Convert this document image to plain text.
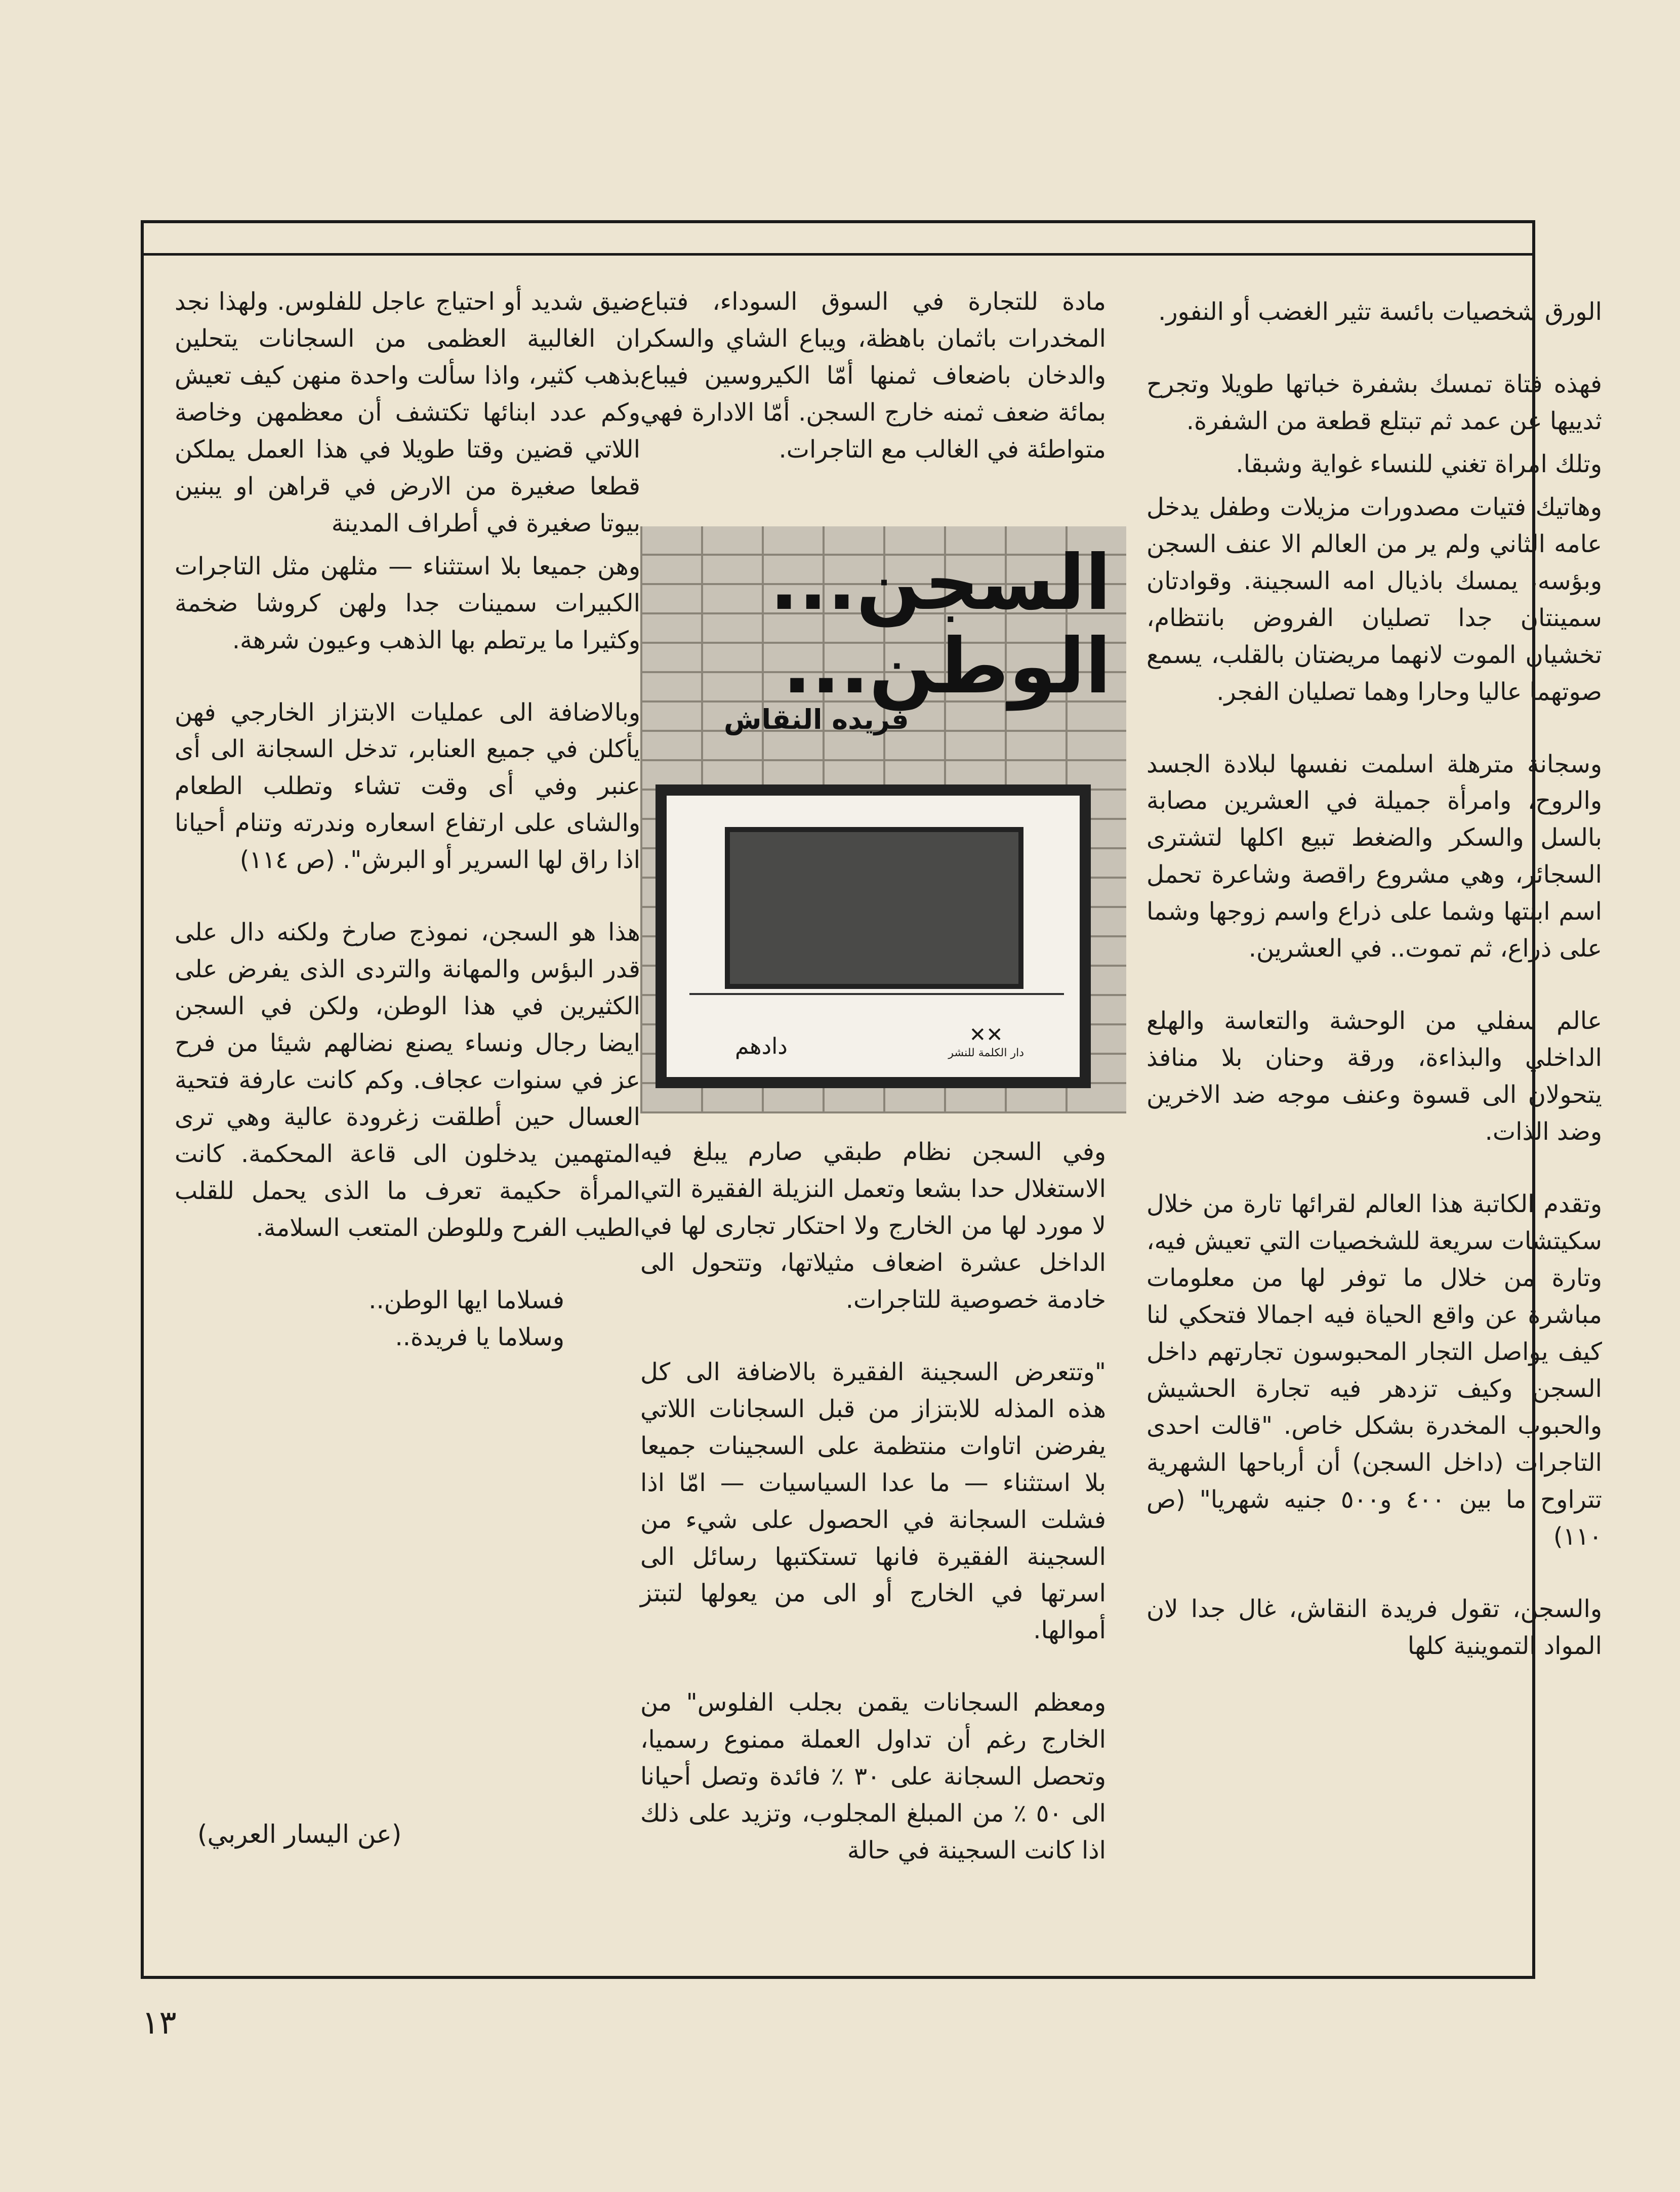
الورق شخصيات بائسة تثير الغضب أو النفور.

فهذه فتاة تمسك بشفرة خباتها طويلا وتجرح ثدييها عن عمد ثم تبتلع قطعة من الشفرة.

وتلك امراة تغني للنساء غواية وشبقا.

وهاتيك فتيات مصدورات مزيلات وطفل يدخل عامه الثاني ولم ير من العالم الا عنف السجن وبؤسه، يمسك باذيال امه السجينة. وقوادتان سمينتان جدا تصليان الفروض بانتظام، تخشيان الموت لانهما مريضتان بالقلب، يسمع صوتهما عاليا وحارا وهما تصليان الفجر.

وسجانة مترهلة اسلمت نفسها لبلادة الجسد والروح، وامرأة جميلة في العشرين مصابة بالسل والسكر والضغط تبيع اكلها لتشترى السجائر، وهي مشروع راقصة وشاعرة تحمل اسم ابنتها وشما على ذراع واسم زوجها وشما على ذراع، ثم تموت.. في العشرين.

عالم سفلي من الوحشة والتعاسة والهلع الداخلي والبذاءة، ورقة وحنان بلا منافذ يتحولان الى قسوة وعنف موجه ضد الاخرين وضد الذات.

وتقدم الكاتبة هذا العالم لقرائها تارة من خلال سكيتشات سريعة للشخصيات التي تعيش فيه، وتارة من خلال ما توفر لها من معلومات مباشرة عن واقع الحياة فيه اجمالا فتحكي لنا كيف يواصل التجار المحبوسون تجارتهم داخل السجن وكيف تزدهر فيه تجارة الحشيش والحبوب المخدرة بشكل خاص. "قالت احدى التاجرات (داخل السجن) أن أرباحها الشهرية تتراوح ما بين ٤٠٠ و٥٠٠ جنيه شهريا" (ص ١١٠)

والسجن، تقول فريدة النقاش، غال جدا لان المواد التموينية كلها

مادة للتجارة في السوق السوداء، فتباع المخدرات باثمان باهظة، ويباع الشاي والسكر والدخان باضعاف ثمنها أمّا الكيروسين فيباع بمائة ضعف ثمنه خارج السجن. أمّا الادارة فهي متواطئة في الغالب مع التاجرات.

السجن...
الوطن...
فريده النقاش
دادهم	✕✕
دار الكلمة للنشر

وفي السجن نظام طبقي صارم يبلغ فيه الاستغلال حدا بشعا وتعمل النزيلة الفقيرة التي لا مورد لها من الخارج ولا احتكار تجارى لها في الداخل عشرة اضعاف مثيلاتها، وتتحول الى خادمة خصوصية للتاجرات.

"وتتعرض السجينة الفقيرة بالاضافة الى كل هذه المذله للابتزاز من قبل السجانات اللاتي يفرضن اتاوات منتظمة على السجينات جميعا بلا استثناء — ما عدا السياسيات — امّا اذا فشلت السجانة في الحصول على شيء من السجينة الفقيرة فانها تستكتبها رسائل الى اسرتها في الخارج أو الى من يعولها لتبتز أموالها.

ومعظم السجانات يقمن بجلب الفلوس" من الخارج رغم أن تداول العملة ممنوع رسميا، وتحصل السجانة على ٣٠ ٪ فائدة وتصل أحيانا الى ٥٠ ٪ من المبلغ المجلوب، وتزيد على ذلك اذا كانت السجينة في حالة

ضيق شديد أو احتياج عاجل للفلوس. ولهذا نجد ان الغالبية العظمى من السجانات يتحلين بذهب كثير، واذا سألت واحدة منهن كيف تعيش وكم عدد ابنائها تكتشف أن معظمهن وخاصة اللاتي قضين وقتا طويلا في هذا العمل يملكن قطعا صغيرة من الارض في قراهن او يبنين بيوتا صغيرة في أطراف المدينة

وهن جميعا بلا استثناء — مثلهن مثل التاجرات الكبيرات سمينات جدا ولهن كروشا ضخمة وكثيرا ما يرتطم بها الذهب وعيون شرهة.

وبالاضافة الى عمليات الابتزاز الخارجي فهن يأكلن في جميع العنابر، تدخل السجانة الى أى عنبر وفي أى وقت تشاء وتطلب الطعام والشاى على ارتفاع اسعاره وندرته وتنام أحيانا اذا راق لها السرير أو البرش". (ص ١١٤)

هذا هو السجن، نموذج صارخ ولكنه دال على قدر البؤس والمهانة والتردى الذى يفرض على الكثيرين في هذا الوطن، ولكن في السجن ايضا رجال ونساء يصنع نضالهم شيئا من فرح عز في سنوات عجاف. وكم كانت عارفة فتحية العسال حين أطلقت زغرودة عالية وهي ترى المتهمين يدخلون الى قاعة المحكمة. كانت المرأة حكيمة تعرف ما الذى يحمل للقلب الطيب الفرح وللوطن المتعب السلامة.

فسلاما ايها الوطن..
وسلاما يا فريدة..
(عن اليسار العربي)
١٣
